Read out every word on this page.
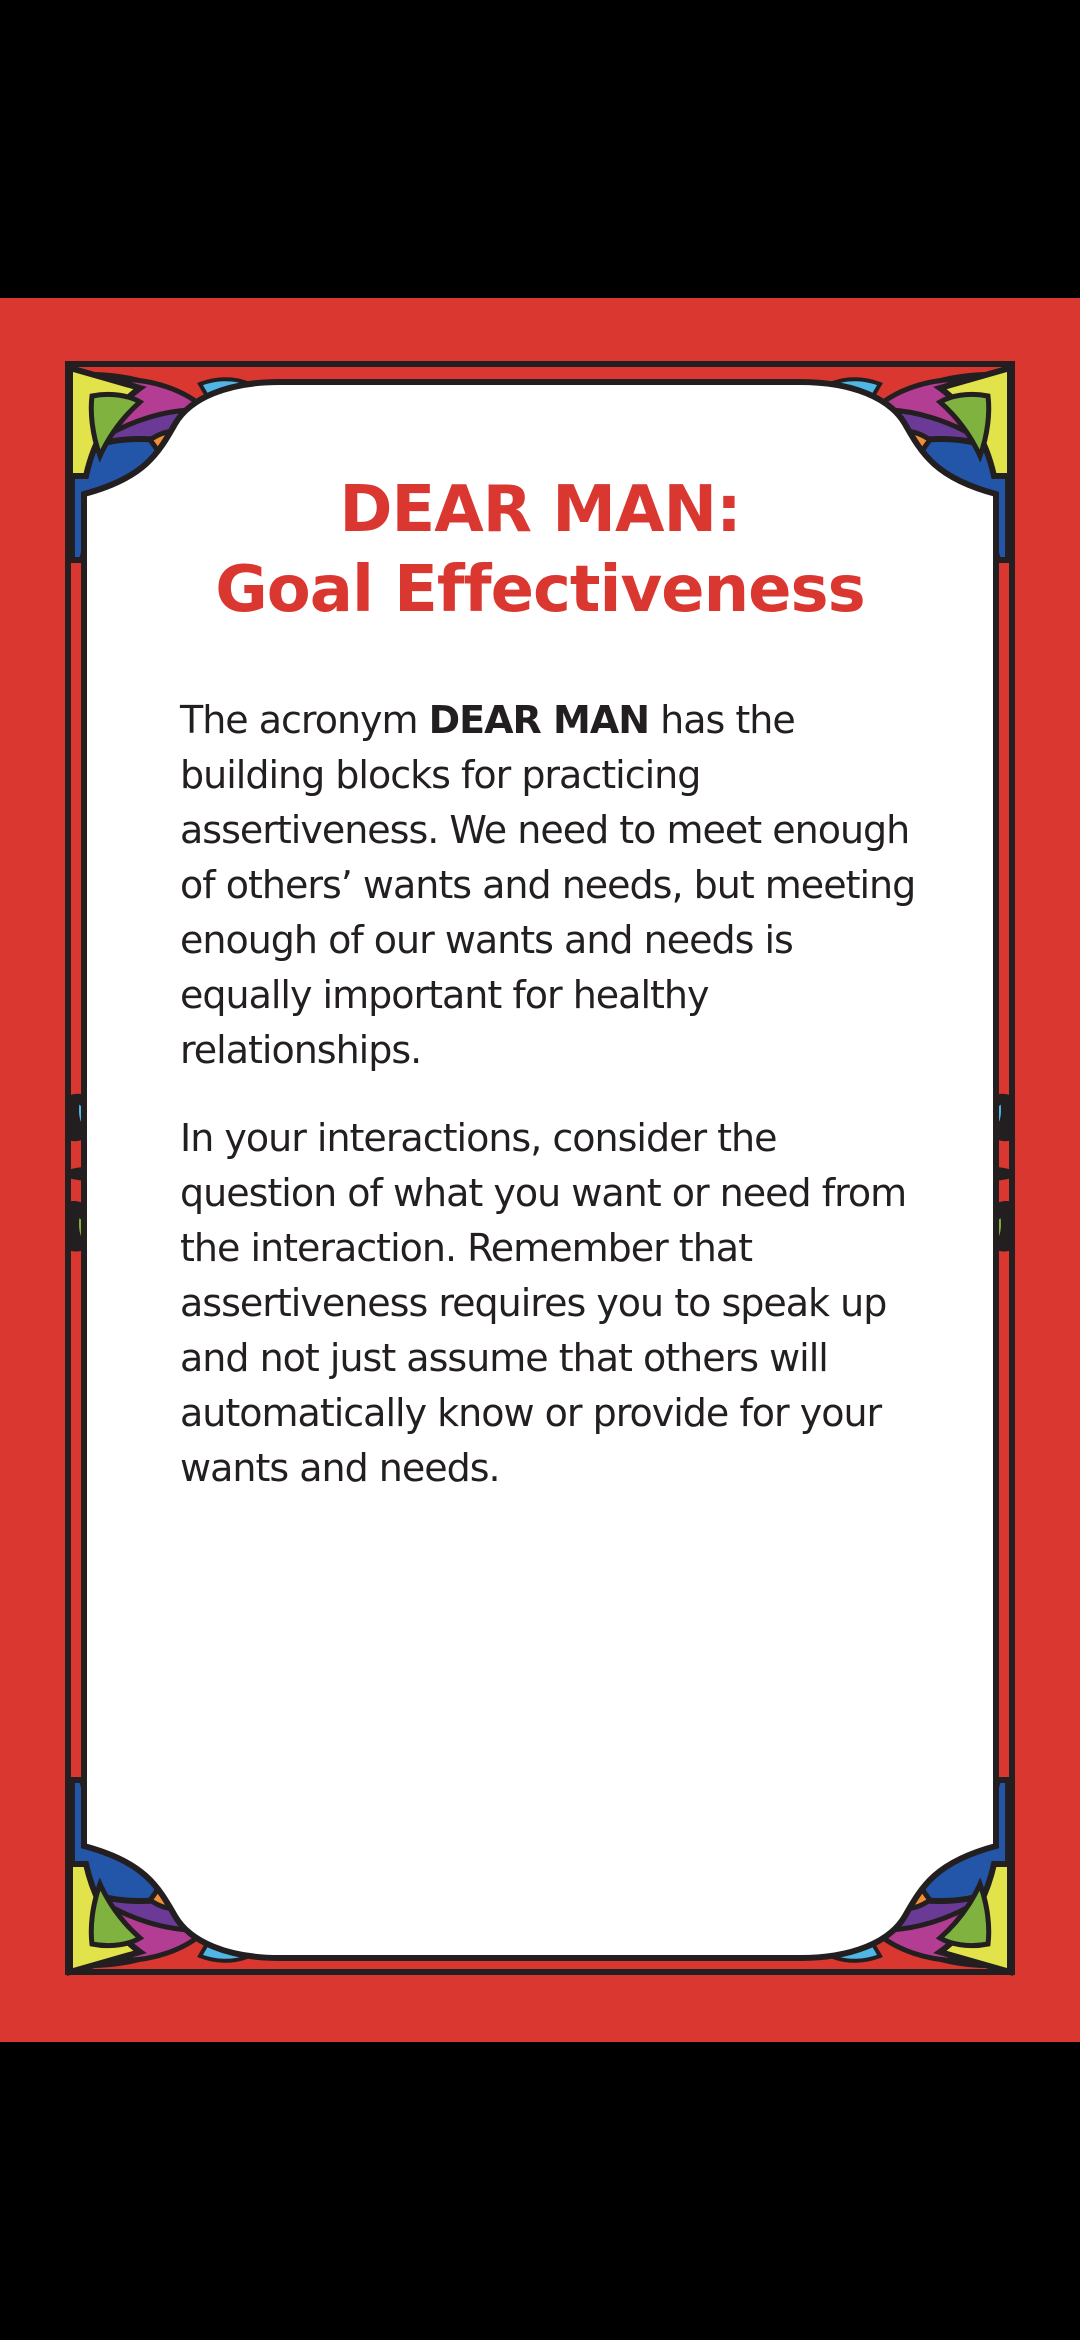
DEAR MAN:
Goal Effectiveness

The acronym DEAR MAN has the building blocks for practicing assertiveness. We need to meet enough of others’ wants and needs, but meeting enough of our wants and needs is equally important for healthy relationships.

In your interactions, consider the question of what you want or need from the interaction. Remember that assertiveness requires you to speak up and not just assume that others will automatically know or provide for your wants and needs.
